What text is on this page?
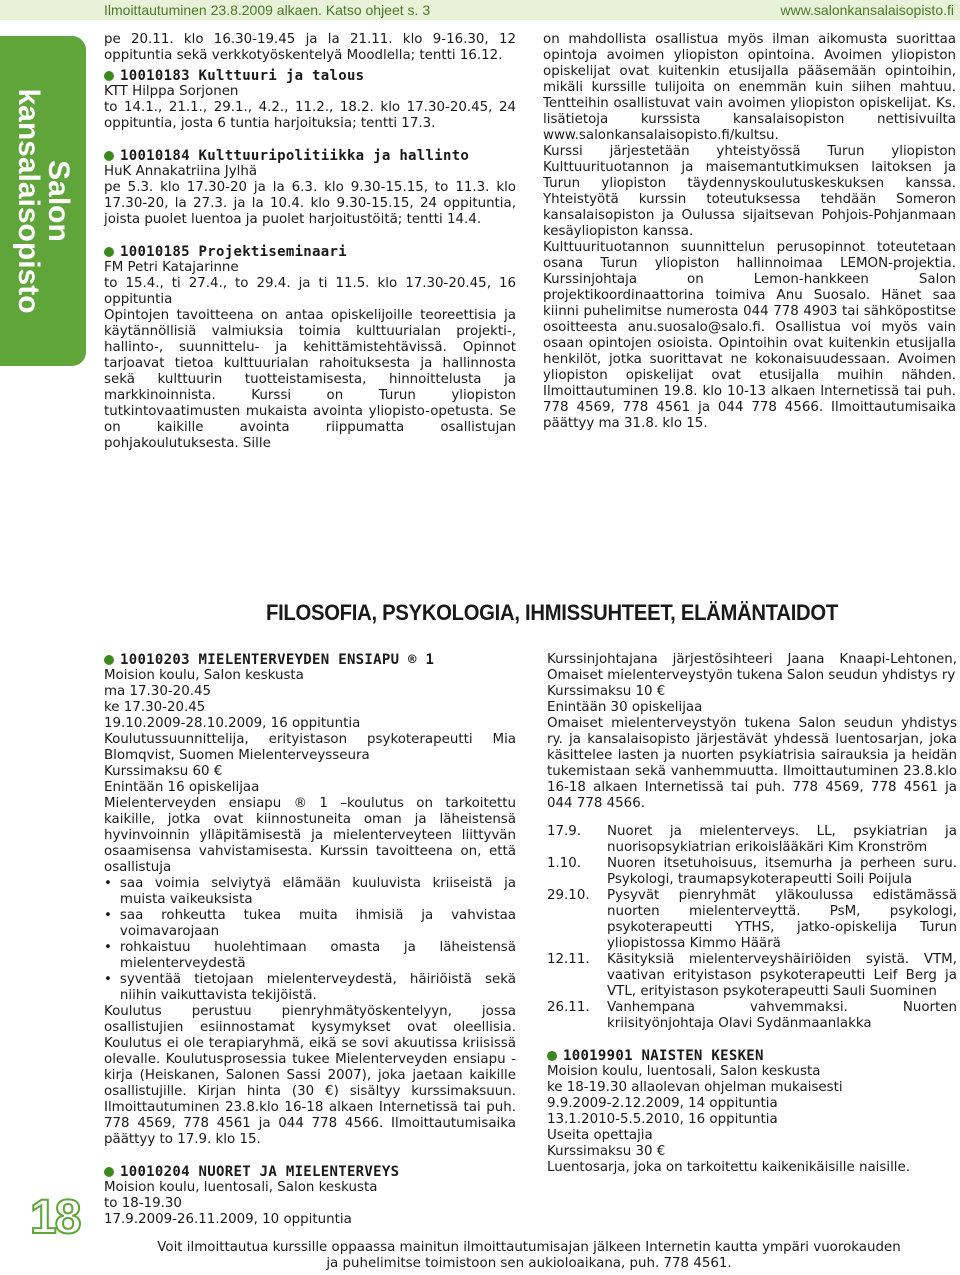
Ilmoittautuminen 23.8.2009 alkaen. Katso ohjeet s. 3	www.salonkansalaisopisto.fi
Salon
kansalaisopisto

pe 20.11. klo 16.30-19.45 ja la 21.11. klo 9-16.30, 12 oppituntia sekä verkkotyöskentelyä Moodlella; tentti 16.12.

10010183 Kulttuuri ja talous

KTT Hilppa Sorjonen

to 14.1., 21.1., 29.1., 4.2., 11.2., 18.2. klo 17.30-20.45, 24 oppituntia, josta 6 tuntia harjoituksia; tentti 17.3.

10010184 Kulttuuripolitiikka ja hallinto

HuK Annakatriina Jylhä

pe 5.3. klo 17.30-20 ja la 6.3. klo 9.30-15.15, to 11.3. klo 17.30-20, la 27.3. ja la 10.4. klo 9.30-15.15, 24 oppituntia, joista puolet luentoa ja puolet harjoitustöitä; tentti 14.4.

10010185 Projektiseminaari

FM Petri Katajarinne

to 15.4., ti 27.4., to 29.4. ja ti 11.5. klo 17.30-20.45, 16 oppituntia

Opintojen tavoitteena on antaa opiskelijoille teoreettisia ja käytännöllisiä valmiuksia toimia kulttuurialan projekti-, hallinto-, suunnittelu- ja kehittämistehtävissä. Opinnot tarjoavat tietoa kulttuurialan rahoituksesta ja hallinnosta sekä kulttuurin tuotteistamisesta, hinnoittelusta ja markkinoinnista. Kurssi on Turun yliopiston tutkintovaatimusten mukaista avointa yliopisto-opetusta. Se on kaikille avointa riippumatta osallistujan pohjakoulutuksesta. Sille

on mahdollista osallistua myös ilman aikomusta suorittaa opintoja avoimen yliopiston opintoina. Avoimen yliopiston opiskelijat ovat kuitenkin etusijalla pääsemään opintoihin, mikäli kurssille tulijoita on enemmän kuin siihen mahtuu. Tentteihin osallistuvat vain avoimen yliopiston opiskelijat. Ks. lisätietoja kurssista kansalaisopiston nettisivuilta www.salonkansalaisopisto.fi/kultsu.

Kurssi järjestetään yhteistyössä Turun yliopiston Kulttuurituotannon ja maisemantutkimuksen laitoksen ja Turun yliopiston täydennyskoulutuskeskuksen kanssa. Yhteistyötä kurssin toteutuksessa tehdään Someron kansalaisopiston ja Oulussa sijaitsevan Pohjois-Pohjanmaan kesäyliopiston kanssa.

Kulttuurituotannon suunnittelun perusopinnot toteutetaan osana Turun yliopiston hallinnoimaa LEMON-projektia. Kurssinjohtaja on Lemon-hankkeen Salon projektikoordinaattorina toimiva Anu Suosalo. Hänet saa kiinni puhelimitse numerosta 044 778 4903 tai sähköpostitse osoitteesta anu.suosalo@salo.fi. Osallistua voi myös vain osaan opintojen osioista. Opintoihin ovat kuitenkin etusijalla henkilöt, jotka suorittavat ne kokonaisuudessaan. Avoimen yliopiston opiskelijat ovat etusijalla muihin nähden. Ilmoittautuminen 19.8. klo 10-13 alkaen Internetissä tai puh. 778 4569, 778 4561 ja 044 778 4566. Ilmoittautumisaika päättyy ma 31.8. klo 15.

FILOSOFIA, PSYKOLOGIA, IHMISSUHTEET, ELÄMÄNTAIDOT
10010203 MIELENTERVEYDEN ENSIAPU ® 1

Moision koulu, Salon keskusta

ma 17.30-20.45

ke 17.30-20.45

19.10.2009-28.10.2009, 16 oppituntia

Koulutussuunnittelija, erityistason psykoterapeutti Mia Blomqvist, Suomen Mielenterveysseura

Kurssimaksu 60 €

Enintään 16 opiskelijaa

Mielenterveyden ensiapu ® 1 –koulutus on tarkoitettu kaikille, jotka ovat kiinnostuneita oman ja läheistensä hyvinvoinnin ylläpitämisestä ja mielenterveyteen liittyvän osaamisensa vahvistamisesta. Kurssin tavoitteena on, että osallistuja

• saa voimia selviytyä elämään kuuluvista kriiseistä ja muista vaikeuksista
• saa rohkeutta tukea muita ihmisiä ja vahvistaa voimavarojaan
• rohkaistuu huolehtimaan omasta ja läheistensä mielenterveydestä
• syventää tietojaan mielenterveydestä, häiriöistä sekä niihin vaikuttavista tekijöistä.

Koulutus perustuu pienryhmätyöskentelyyn, jossa osallistujien esiinnostamat kysymykset ovat oleellisia. Koulutus ei ole terapiaryhmä, eikä se sovi akuutissa kriisissä olevalle. Koulutusprosessia tukee Mielenterveyden ensiapu -kirja (Heiskanen, Salonen Sassi 2007), joka jaetaan kaikille osallistujille. Kirjan hinta (30 €) sisältyy kurssimaksuun. Ilmoittautuminen 23.8.klo 16-18 alkaen Internetissä tai puh. 778 4569, 778 4561 ja 044 778 4566. Ilmoittautumisaika päättyy to 17.9. klo 15.

10010204 NUORET JA MIELENTERVEYS

Moision koulu, luentosali, Salon keskusta

to 18-19.30

17.9.2009-26.11.2009, 10 oppituntia

Kurssinjohtajana järjestösihteeri Jaana Knaapi-Lehtonen, Omaiset mielenterveystyön tukena Salon seudun yhdistys ry

Kurssimaksu 10 €

Enintään 30 opiskelijaa

Omaiset mielenterveystyön tukena Salon seudun yhdistys ry. ja kansalaisopisto järjestävät yhdessä luentosarjan, joka käsittelee lasten ja nuorten psykiatrisia sairauksia ja heidän tukemistaan sekä vanhemmuutta. Ilmoittautuminen 23.8.klo 16-18 alkaen Internetissä tai puh. 778 4569, 778 4561 ja 044 778 4566.

17.9.	Nuoret ja mielenterveys. LL, psykiatrian ja nuorisopsykiatrian erikoislääkäri Kim Kronström
1.10.	Nuoren itsetuhoisuus, itsemurha ja perheen suru. Psykologi, traumapsykoterapeutti Soili Poijula
29.10.	Pysyvät pienryhmät yläkoulussa edistämässä nuorten mielenterveyttä. PsM, psykologi, psykoterapeutti YTHS, jatko-opiskelija Turun yliopistossa Kimmo Häärä
12.11.	Käsityksiä mielenterveyshäiriöiden syistä. VTM, vaativan erityistason psykoterapeutti Leif Berg ja VTL, erityistason psykoterapeutti Sauli Suominen
26.11.	Vanhempana vahvemmaksi. Nuorten kriisityönjohtaja Olavi Sydänmaanlakka
10019901 NAISTEN KESKEN

Moision koulu, luentosali, Salon keskusta

ke 18-19.30 allaolevan ohjelman mukaisesti

9.9.2009-2.12.2009, 14 oppituntia

13.1.2010-5.5.2010, 16 oppituntia

Useita opettajia

Kurssimaksu 30 €

Luentosarja, joka on tarkoitettu kaikenikäisille naisille.

18

Voit ilmoittautua kurssille oppaassa mainitun ilmoittautumisajan jälkeen Internetin kautta ympäri vuorokauden

ja puhelimitse toimistoon sen aukioloaikana, puh. 778 4561.
